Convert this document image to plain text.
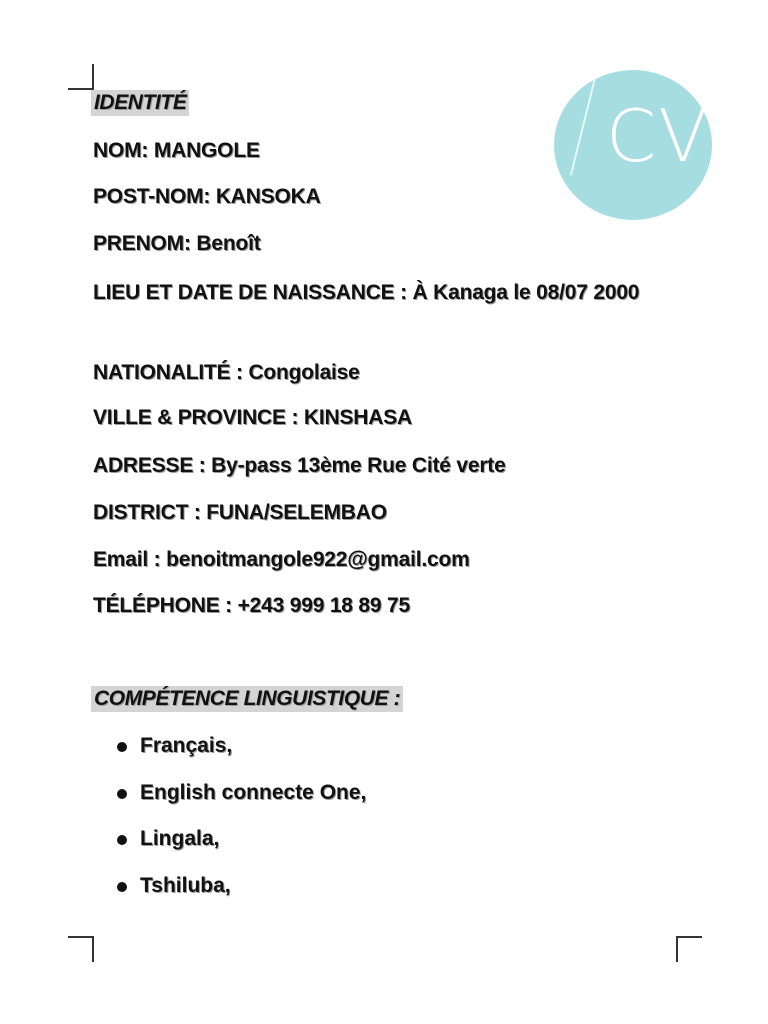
CV
IDENTITÉ
NOM: MANGOLE
POST-NOM: KANSOKA
PRENOM: Benoît
LIEU ET DATE DE NAISSANCE : À Kanaga le 08/07 2000
NATIONALITÉ : Congolaise
VILLE & PROVINCE : KINSHASA
ADRESSE : By-pass 13ème Rue Cité verte
DISTRICT : FUNA/SELEMBAO
Email : benoitmangole922@gmail.com
TÉLÉPHONE : +243 999 18 89 75
COMPÉTENCE LINGUISTIQUE :
Français,
English connecte One,
Lingala,
Tshiluba,
